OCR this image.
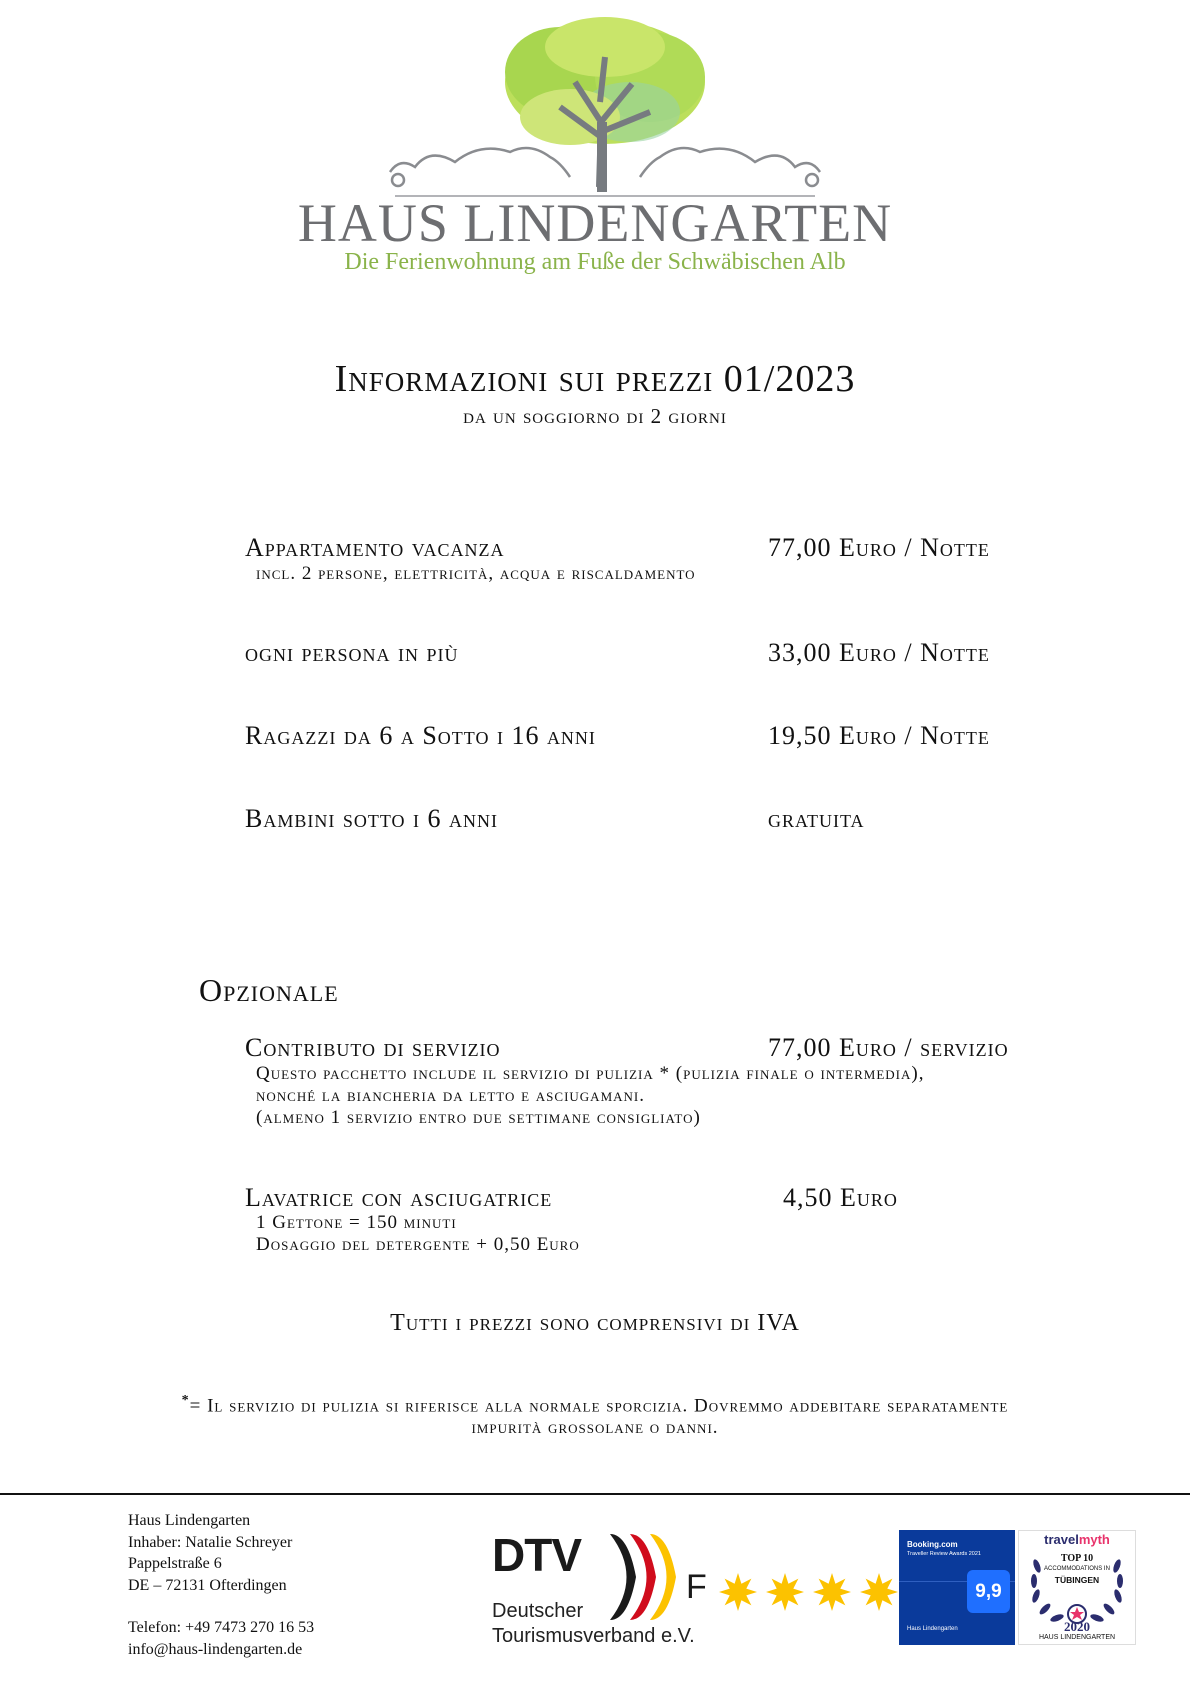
HAUS LINDENGARTEN
Die Ferienwohnung am Fuße der Schwäbischen Alb
Informazioni sui prezzi 01/2023
da un soggiorno di 2 giorni
Appartamento vacanza	77,00 Euro / Notte
incl. 2 persone, elettricità, acqua e riscaldamento
ogni persona in più	33,00 Euro / Notte
Ragazzi da 6 a Sotto i 16 anni	19,50 Euro / Notte
Bambini sotto i 6 anni	gratuita
Opzionale
Contributo di servizio	77,00 Euro / servizio
Questo pacchetto include il servizio di pulizia * (pulizia finale o intermedia),
nonché la biancheria da letto e asciugamani.
(almeno 1 servizio entro due settimane consigliato)
Lavatrice con asciugatrice	4,50 Euro
1 Gettone = 150 minuti
Dosaggio del detergente + 0,50 Euro
Tutti i prezzi sono comprensivi di IVA
*= Il servizio di pulizia si riferisce alla normale sporcizia. Dovremmo addebitare separatamente
impurità grossolane o danni.
Haus Lindengarten
Inhaber: Natalie Schreyer
Pappelstraße 6
DE – 72131 Ofterdingen
Telefon: +49 7473 270 16 53
info@haus-lindengarten.de
DTV
Deutscher
Tourismusverband e.V.
F
Booking.com
Traveller Review Awards 2021
9,9
Haus Lindengarten
travelmyth
TOP 10
ACCOMMODATIONS IN
TÜBINGEN
2020
HAUS LINDENGARTEN
